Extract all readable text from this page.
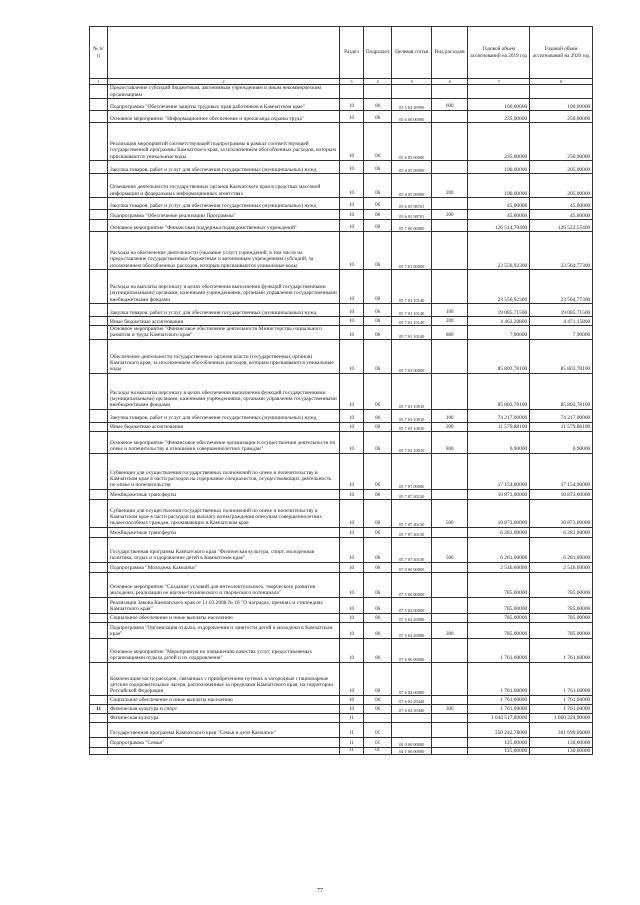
№ п/п		Раздел	Подраздел	Целевая статья	Вид расходов	Годовой объем ассигнований на 2019 год	Годовой объем ассигнований на 2020 год
1	2	3	4	5	6	7	8
	Предоставление субсидий бюджетным, автономным учреждениям и иным некоммерческим организациям						
	Подпрограмма "Обеспечение защиты трудовых прав работников в Камчатском крае"	10	06	05 5 04 49990	600	100,00000	100,00000
	Основное мероприятие "Информационное обеспечение и пропаганда охраны труда"	10	06	05 6 00 00000		235,00000	250,00000
	Реализация мероприятий соответствующей подпрограммы в рамках соответствующей государственной программы Камчатского края, за исключением обособленных расходов, которым присваиваются уникальные коды	10	06	05 6 05 00000		235,00000	250,00000
	Закупка товаров, работ и услуг для обеспечения государственных (муниципальных) нужд	10	06	05 6 05 09990		190,00000	205,00000
	Освещение деятельности государственных органов Камчатского края в средствах массовой информации и федеральных информационных агентствах	10	06	05 6 05 09990	200	190,00000	205,00000
	Закупка товаров, работ и услуг для обеспечения государственных (муниципальных) нужд	10	06	05 6 05 98701		45,00000	45,00000
	Подпрограмма "Обеспечение реализации Программы"	10	06	05 6 05 98701	200	45,00000	45,00000
	Основное мероприятие "Финансовая поддержка подведомственных учреждений"	10	06	05 7 00 00000		126 514,70400	126 522,55400
	Расходы на обеспечение деятельности (оказание услуг) учреждений, в том числе на предоставление государственным бюджетным и автономным учреждениям субсидий, за исключением обособленных расходов, которым присваиваются уникальные коды	10	06	05 7 01 00000		23 556,92300	23 564,77300
	Расходы на выплаты персоналу в целях обеспечения выполнения функций государственными (муниципальными) органами, казенными учреждениями, органами управления государственными внебюджетными фондами	10	06	05 7 01 10140		23 556,92300	23 564,77300
	Закупка товаров, работ и услуг для обеспечения государственных (муниципальных) нужд	10	06	05 7 01 10140	100	19 085,71500	19 085,71500
	Иные бюджетные ассигнования	10	06	05 7 01 10140	200	4 463,20800	4 471,15800
	Основное мероприятие "Финансовое обеспечение деятельности Министерства социального развития и труда Камчатского края"	10	06	05 7 01 10140	800	7,90000	7,90000
	Обеспечение деятельности государственных органов власти (государственных органов) Камчатского края, за исключением обособленных расходов, которым присваиваются уникальные коды	10	06	05 7 03 00000		85 803,78100	85 803,78100
	Расходы на выплаты персоналу в целях обеспечения выполнения функций государственными (муниципальными) органами, казенными учреждениями, органами управления государственными внебюджетными фондами	10	06	05 7 03 10010		85 803,78100	85 803,78100
	Закупка товаров, работ и услуг для обеспечения государственных (муниципальных) нужд	10	06	05 7 03 10010	100	74 217,00000	74 217,00000
	Иные бюджетные ассигнования	10	06	05 7 03 10010	200	11 579,88100	11 579,88100
	Основное мероприятие "Финансовое обеспечение организации и осуществления деятельности по опеке и попечительству в отношении совершеннолетних граждан"	10	06	05 7 03 10010	800	6,90000	6,90000
	Субвенции для осуществления государственных полномочий по опеке и попечительству в Камчатском крае в части расходов на содержание специалистов, осуществляющих деятельность по опеке и попечительству	10	06	05 7 07 00000		17 154,00000	17 154,00000
	Межбюджетные трансферты	10	06	05 7 07 40120		10 873,00000	10 873,00000
	Субвенции для осуществления государственных полномочий по опеке и попечительству в Камчатском крае в части расходов на выплату вознаграждения опекунам совершеннолетних недееспособных граждан, проживающих в Камчатском крае	10	06	05 7 07 40120	500	10 873,00000	10 873,00000
	Межбюджетные трансферты	10	06	05 7 07 40150		6 281,00000	6 281,00000
	Государственная программа Камчатского края "Физическая культура, спорт, молодежная политика, отдых и оздоровление детей в Камчатском крае"	10	06	05 7 07 40150	500	6 281,00000	6 281,00000
	Подпрограмма "Молодежь Камчатки"	10	06	07 0 00 00000		2 546,60000	2 546,60000
	Основное мероприятие "Создание условий для интеллектуального, творческого развития молодежи, реализации ее научно-технического и творческого потенциала"	10	06	07 5 00 00000		785,00000	785,00000
	Реализация Закона Камчатского края от 11.03.2008 № 18 "О наградах, премиях и стипендиях Камчатского края"	10	06	07 5 02 00000		785,00000	785,00000
	Социальное обеспечение и иные выплаты населению	10	06	07 5 02 20080		785,00000	785,00000
	Подпрограмма "Организация отдыха, оздоровления и занятости детей и молодежи в Камчатском крае"	10	06	07 5 02 20080	300	785,00000	785,00000
	Основное мероприятие "Мероприятия по повышению качества услуг, предоставляемых организациями отдыха детей и их оздоровления"	10	06	07 6 00 00000		1 761,60000	1 761,60000
	Компенсация части расходов, связанных с приобретением путевок в загородные стационарные детские оздоровительные лагеря, расположенные за пределами Камчатского края, на территории Российской Федерации	10	06	07 6 02 00000		1 761,60000	1 761,60000
	Социальное обеспечение и иные выплаты населению	10	06	07 6 02 20440		1 761,60000	1 761,60000
11	Физическая культура и спорт	10	06	07 6 02 20440	300	1 761,60000	1 761,60000
	Физическая культура	11				1 044 517,89000	1 060 224,90000
	Государственная программа Камчатского края "Семья и дети Камчатки"	11	01			350 242,78000	361 699,06000
	Подпрограмма "Семья"	11	01	04 0 00 00000		125,00000	130,00000
		11	01	04 1 00 00000		125,00000	130,00000
77
